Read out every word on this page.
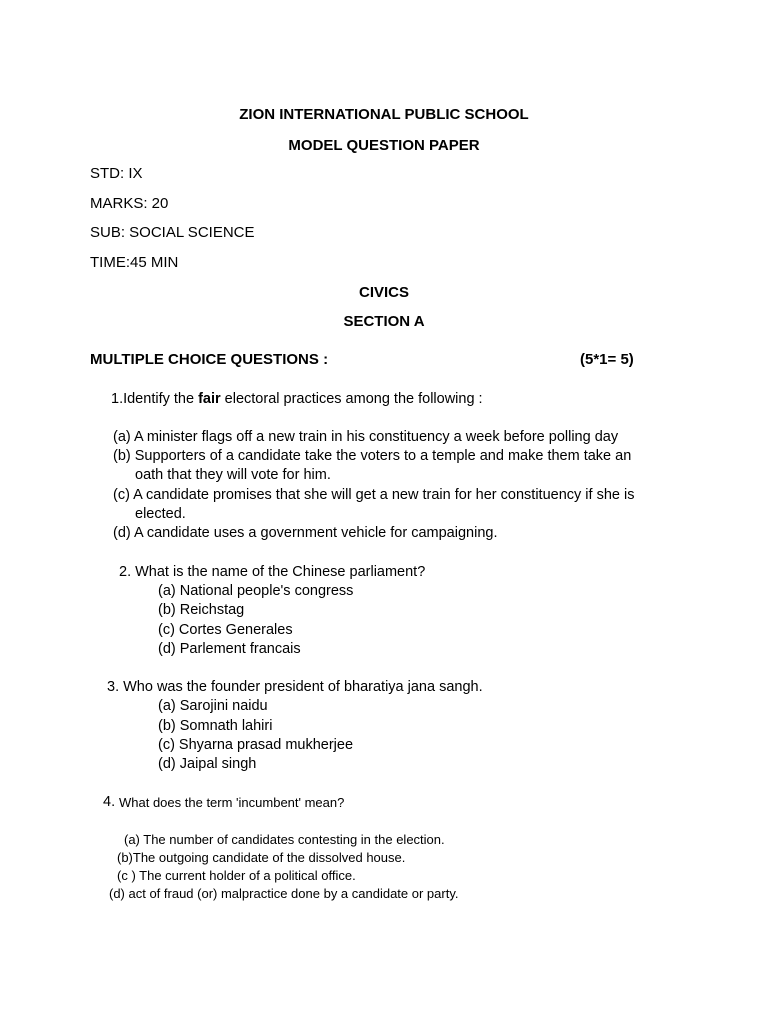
ZION INTERNATIONAL PUBLIC SCHOOL
MODEL QUESTION PAPER
STD: IX
MARKS: 20
SUB: SOCIAL SCIENCE
TIME:45 MIN
CIVICS
SECTION A
MULTIPLE CHOICE QUESTIONS :	(5*1= 5)
1.Identify the fair electoral practices among the following :
(a) A minister flags off a new train in his constituency a week before polling day
(b) Supporters of a candidate take the voters to a temple and make them take an
oath that they will vote for him.
(c) A candidate promises that she will get a new train for her constituency if she is
elected.
(d) A candidate uses a government vehicle for campaigning.
2. What is the name of the Chinese parliament?
(a) National people's congress
(b) Reichstag
(c) Cortes Generales
(d) Parlement francais
3. Who was the founder president of bharatiya jana sangh.
(a) Sarojini naidu
(b) Somnath lahiri
(c) Shyarna prasad mukherjee
(d) Jaipal singh
4. What does the term 'incumbent' mean?
(a) The number of candidates contesting in the election.
(b)The outgoing candidate of the dissolved house.
(c ) The current holder of a political office.
(d) act of fraud (or) malpractice done by a candidate or party.
